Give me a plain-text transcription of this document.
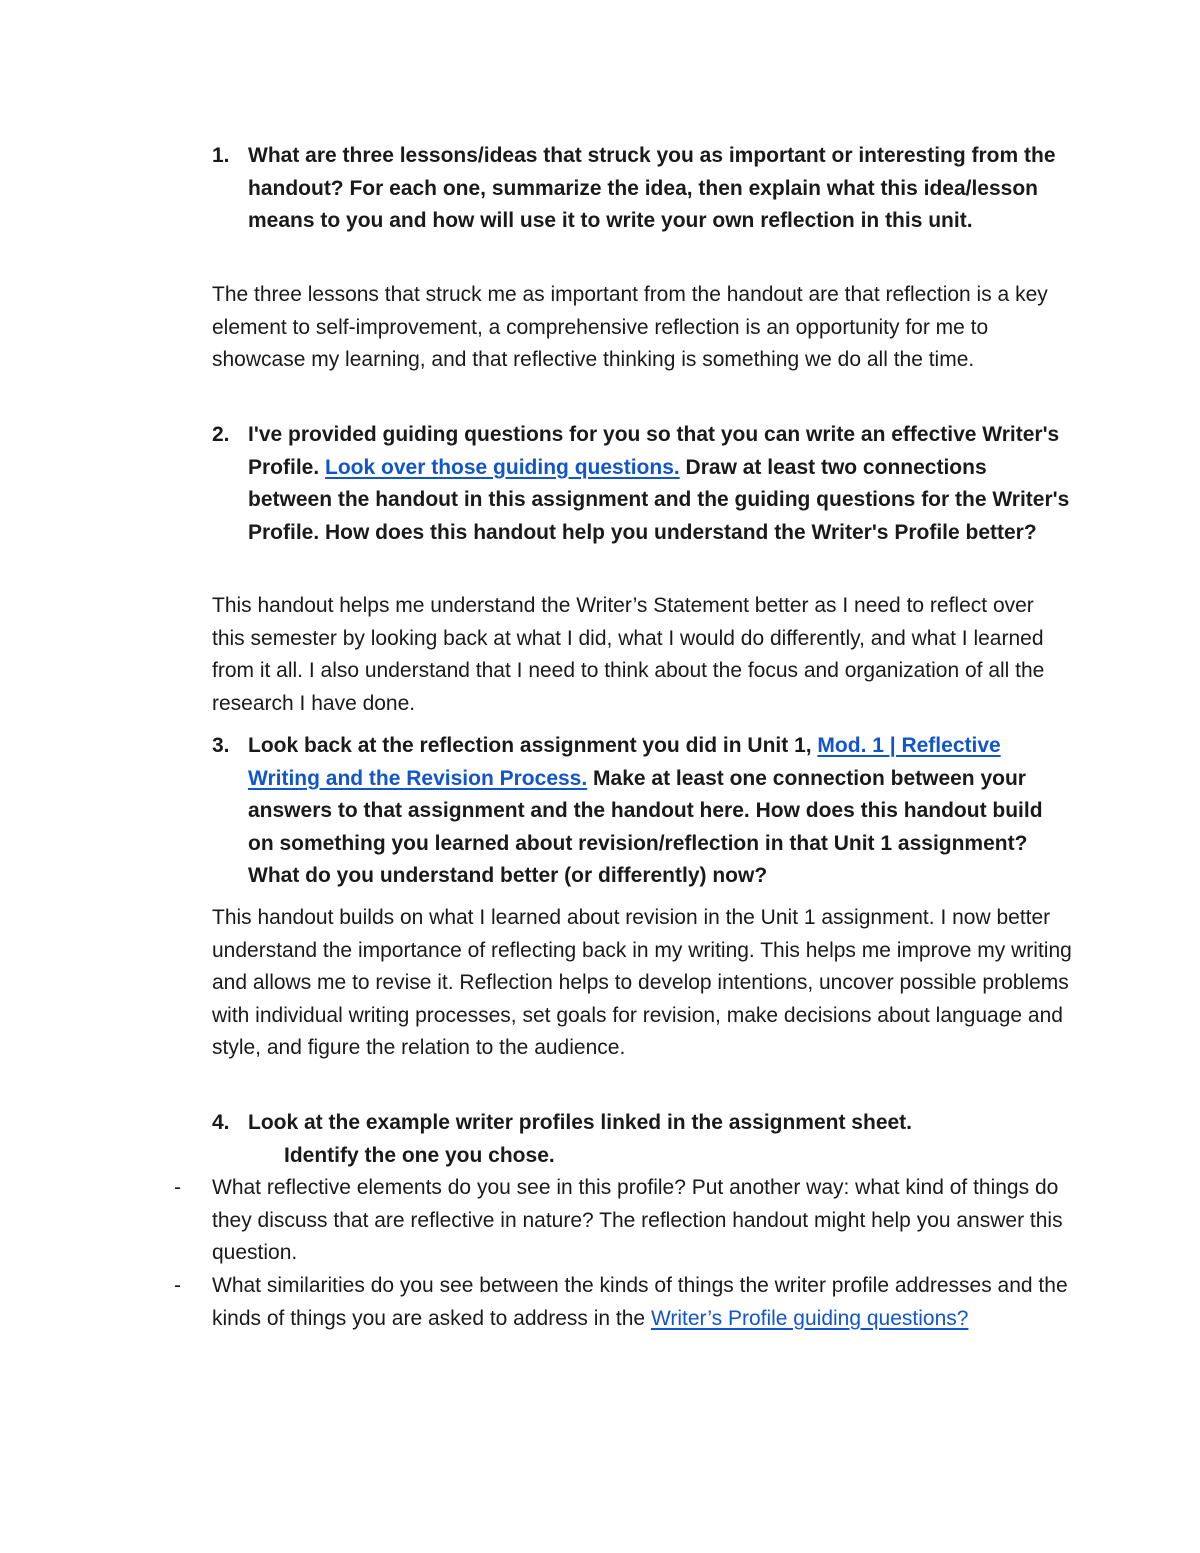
1. What are three lessons/ideas that struck you as important or interesting from the handout? For each one, summarize the idea, then explain what this idea/lesson means to you and how will use it to write your own reflection in this unit.
The three lessons that struck me as important from the handout are that reflection is a key element to self-improvement, a comprehensive reflection is an opportunity for me to showcase my learning, and that reflective thinking is something we do all the time.
2. I've provided guiding questions for you so that you can write an effective Writer's Profile. Look over those guiding questions. Draw at least two connections between the handout in this assignment and the guiding questions for the Writer's Profile. How does this handout help you understand the Writer's Profile better?
This handout helps me understand the Writer’s Statement better as I need to reflect over this semester by looking back at what I did, what I would do differently, and what I learned from it all. I also understand that I need to think about the focus and organization of all the research I have done.
3. Look back at the reflection assignment you did in Unit 1, Mod. 1 | Reflective Writing and the Revision Process. Make at least one connection between your answers to that assignment and the handout here. How does this handout build on something you learned about revision/reflection in that Unit 1 assignment? What do you understand better (or differently) now?
This handout builds on what I learned about revision in the Unit 1 assignment. I now better understand the importance of reflecting back in my writing. This helps me improve my writing and allows me to revise it. Reflection helps to develop intentions, uncover possible problems with individual writing processes, set goals for revision, make decisions about language and style, and figure the relation to the audience.
4. Look at the example writer profiles linked in the assignment sheet.
Identify the one you chose.
- What reflective elements do you see in this profile? Put another way: what kind of things do they discuss that are reflective in nature? The reflection handout might help you answer this question.
- What similarities do you see between the kinds of things the writer profile addresses and the kinds of things you are asked to address in the Writer’s Profile guiding questions?
